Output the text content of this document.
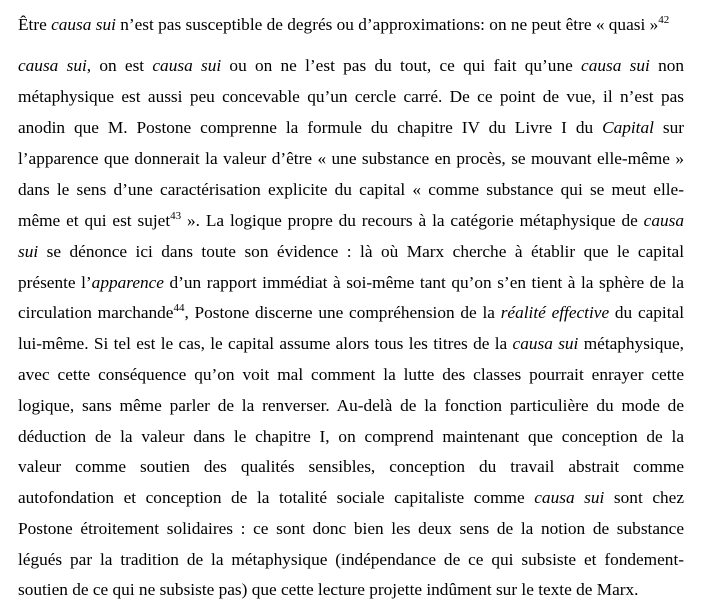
Être causa sui n’est pas susceptible de degrés ou d’approximations: on ne peut être « quasi »$^{42}$
causa sui, on est causa sui ou on ne l’est pas du tout, ce qui fait qu’une causa sui non
métaphysique est aussi peu concevable qu’un cercle carré. De ce point de vue, il n’est pas
anodin que M. Postone comprenne la formule du chapitre IV du Livre I du Capital sur
l’apparence que donnerait la valeur d’être « une substance en procès, se mouvant elle-même »
dans le sens d’une caractérisation explicite du capital « comme substance qui se meut elle-
même et qui est sujet$^{43}$ ». La logique propre du recours à la catégorie métaphysique de causa
sui se dénonce ici dans toute son évidence : là où Marx cherche à établir que le capital
présente l’apparence d’un rapport immédiat à soi-même tant qu’on s’en tient à la sphère de la
circulation marchande$^{44}$, Postone discerne une compréhension de la réalité effective du capital
lui-même. Si tel est le cas, le capital assume alors tous les titres de la causa sui métaphysique,
avec cette conséquence qu’on voit mal comment la lutte des classes pourrait enrayer cette
logique, sans même parler de la renverser. Au-delà de la fonction particulière du mode de
déduction de la valeur dans le chapitre I, on comprend maintenant que conception de la
valeur comme soutien des qualités sensibles, conception du travail abstrait comme
autofondation et conception de la totalité sociale capitaliste comme causa sui sont chez
Postone étroitement solidaires : ce sont donc bien les deux sens de la notion de substance
légués par la tradition de la métaphysique (indépendance de ce qui subsiste et fondement-
soutien de ce qui ne subsiste pas) que cette lecture projette indûment sur le texte de Marx.
